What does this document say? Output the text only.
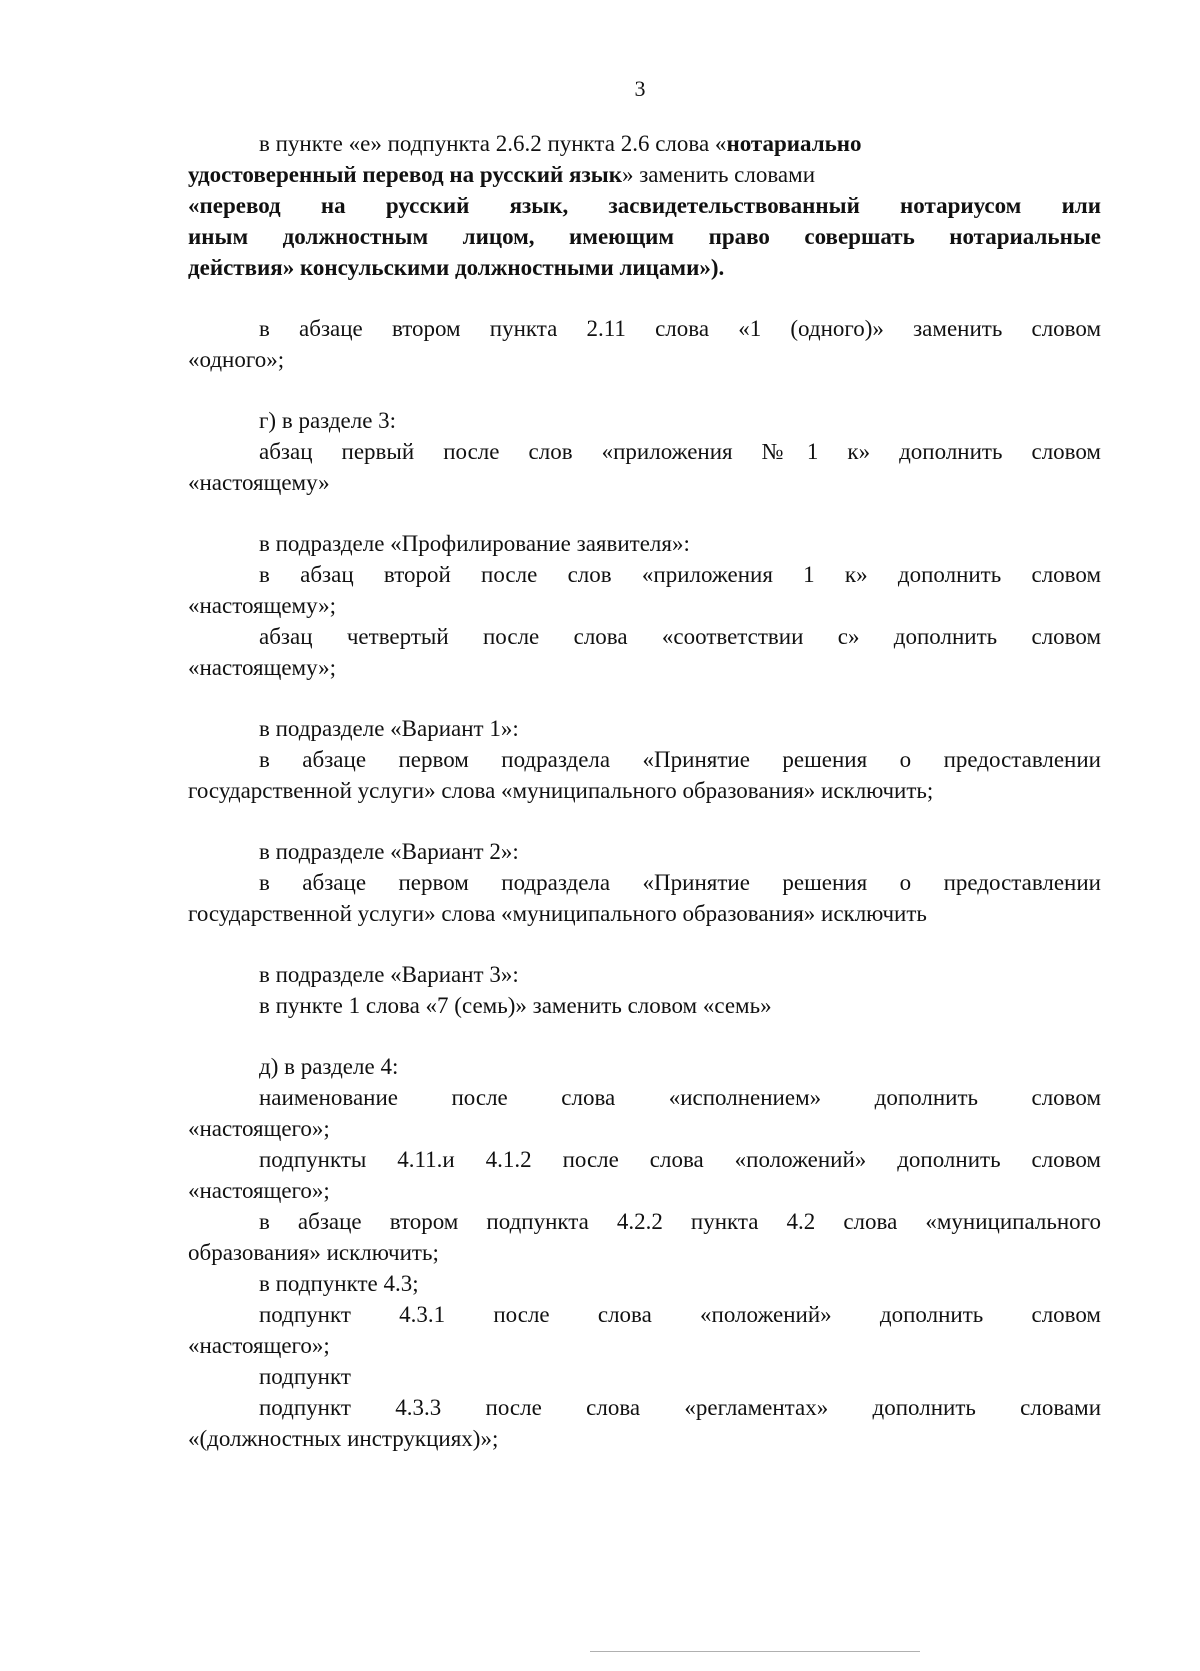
3
в пункте «е» подпункта 2.6.2 пункта 2.6 слова «нотариально
удостоверенный перевод на русский язык» заменить словами
«перевод на русский язык, засвидетельствованный нотариусом или
иным должностным лицом, имеющим право совершать нотариальные
действия» консульскими должностными лицами»).
в абзаце втором пункта 2.11 слова «1 (одного)» заменить словом
«одного»;
г) в разделе 3:
абзац первый после слов «приложения №1 к» дополнить словом
«настоящему»
в подразделе «Профилирование заявителя»:
в абзац второй после слов «приложения 1 к» дополнить словом
«настоящему»;
абзац четвертый после слова «соответствии с» дополнить словом
«настоящему»;
в подразделе «Вариант 1»:
в абзаце первом подраздела «Принятие решения о предоставлении
государственной услуги» слова «муниципального образования» исключить;
в подразделе «Вариант 2»:
в абзаце первом подраздела «Принятие решения о предоставлении
государственной услуги» слова «муниципального образования» исключить
в подразделе «Вариант 3»:
в пункте 1 слова «7 (семь)» заменить словом «семь»
д) в разделе 4:
наименование после слова «исполнением» дополнить словом
«настоящего»;
подпункты 4.11.и 4.1.2 после слова «положений» дополнить словом
«настоящего»;
в абзаце втором подпункта 4.2.2 пункта 4.2 слова «муниципального
образования» исключить;
в подпункте 4.3;
подпункт 4.3.1 после слова «положений» дополнить словом
«настоящего»;
подпункт
подпункт 4.3.3 после слова «регламентах» дополнить словами
«(должностных инструкциях)»;
